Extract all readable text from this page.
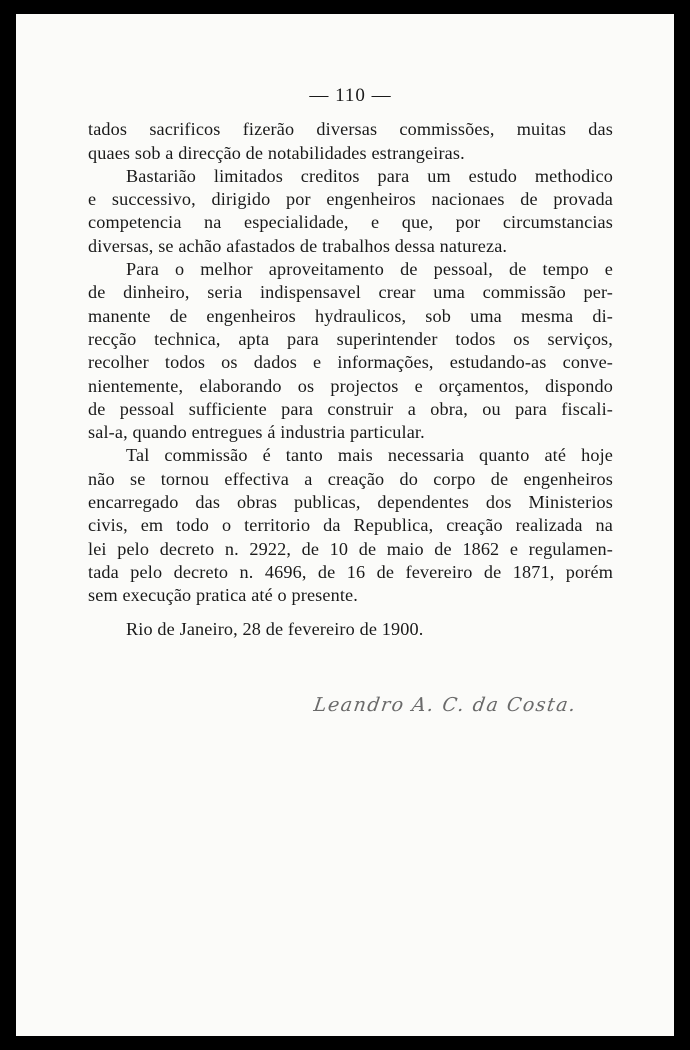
— 110 —
tados sacrificos fizerão diversas commissões, muitas das
quaes sob a direcção de notabilidades estrangeiras.
Bastarião limitados creditos para um estudo methodico
e successivo, dirigido por engenheiros nacionaes de provada
competencia na especialidade, e que, por circumstancias
diversas, se achão afastados de trabalhos dessa natureza.
Para o melhor aproveitamento de pessoal, de tempo e
de dinheiro, seria indispensavel crear uma commissão per-
manente de engenheiros hydraulicos, sob uma mesma di-
recção technica, apta para superintender todos os serviços,
recolher todos os dados e informações, estudando-as conve-
nientemente, elaborando os projectos e orçamentos, dispondo
de pessoal sufficiente para construir a obra, ou para fiscali-
sal-a, quando entregues á industria particular.
Tal commissão é tanto mais necessaria quanto até hoje
não se tornou effectiva a creação do corpo de engenheiros
encarregado das obras publicas, dependentes dos Ministerios
civis, em todo o territorio da Republica, creação realizada na
lei pelo decreto n. 2922, de 10 de maio de 1862 e regulamen-
tada pelo decreto n. 4696, de 16 de fevereiro de 1871, porém
sem execução pratica até o presente.
Rio de Janeiro, 28 de fevereiro de 1900.
Leandro A. C. da Costa.
